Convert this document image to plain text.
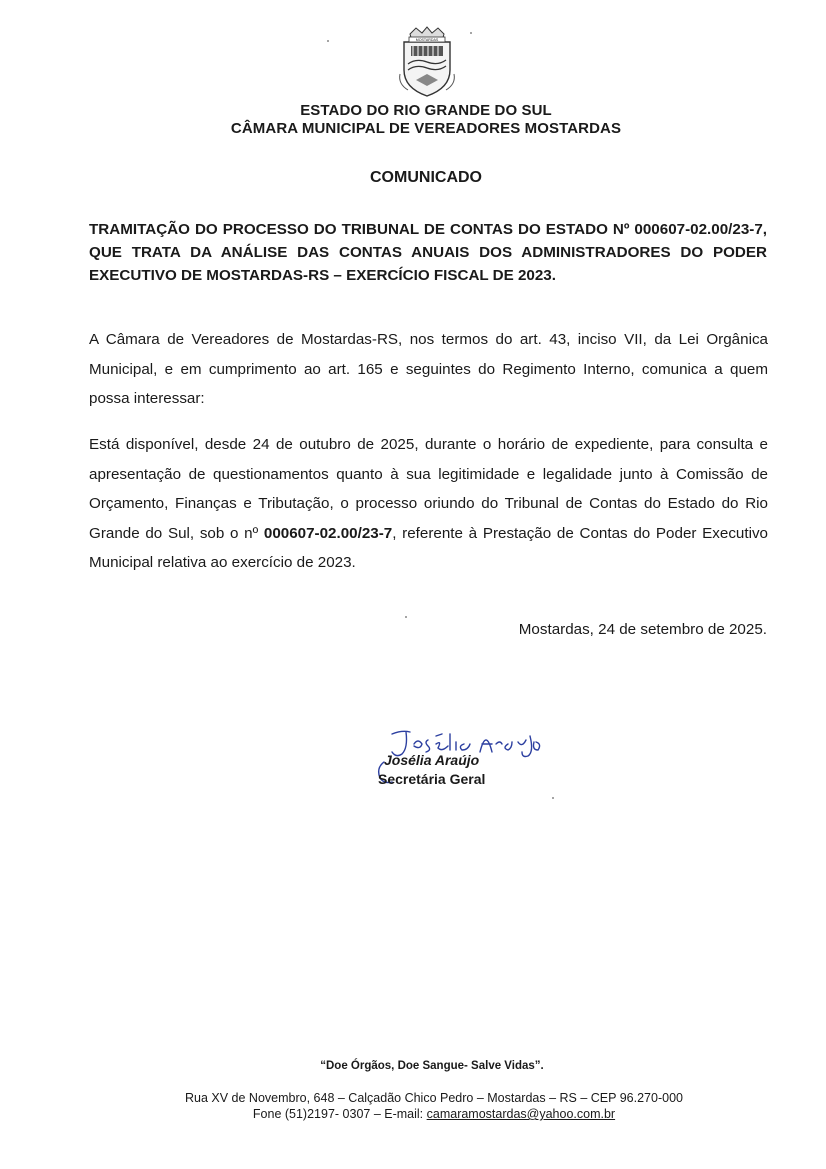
MOSTARDAS
ESTADO DO RIO GRANDE DO SUL
CÂMARA MUNICIPAL DE VEREADORES MOSTARDAS
COMUNICADO
TRAMITAÇÃO DO PROCESSO DO TRIBUNAL DE CONTAS DO ESTADO Nº 000607-02.00/23-7, QUE TRATA DA ANÁLISE DAS CONTAS ANUAIS DOS ADMINISTRADORES DO PODER EXECUTIVO DE MOSTARDAS-RS – EXERCÍCIO FISCAL DE 2023.
A Câmara de Vereadores de Mostardas-RS, nos termos do art. 43, inciso VII, da Lei Orgânica Municipal, e em cumprimento ao art. 165 e seguintes do Regimento Interno, comunica a quem possa interessar:
Está disponível, desde 24 de outubro de 2025, durante o horário de expediente, para consulta e apresentação de questionamentos quanto à sua legitimidade e legalidade junto à Comissão de Orçamento, Finanças e Tributação, o processo oriundo do Tribunal de Contas do Estado do Rio Grande do Sul, sob o nº 000607-02.00/23-7, referente à Prestação de Contas do Poder Executivo Municipal relativa ao exercício de 2023.
Mostardas, 24 de setembro de 2025.
Josélia Araújo
Secretária Geral
“Doe Órgãos, Doe Sangue- Salve Vidas”.
Rua XV de Novembro, 648 – Calçadão Chico Pedro – Mostardas – RS – CEP 96.270-000
Fone (51)2197- 0307 – E-mail: camaramostardas@yahoo.com.br
